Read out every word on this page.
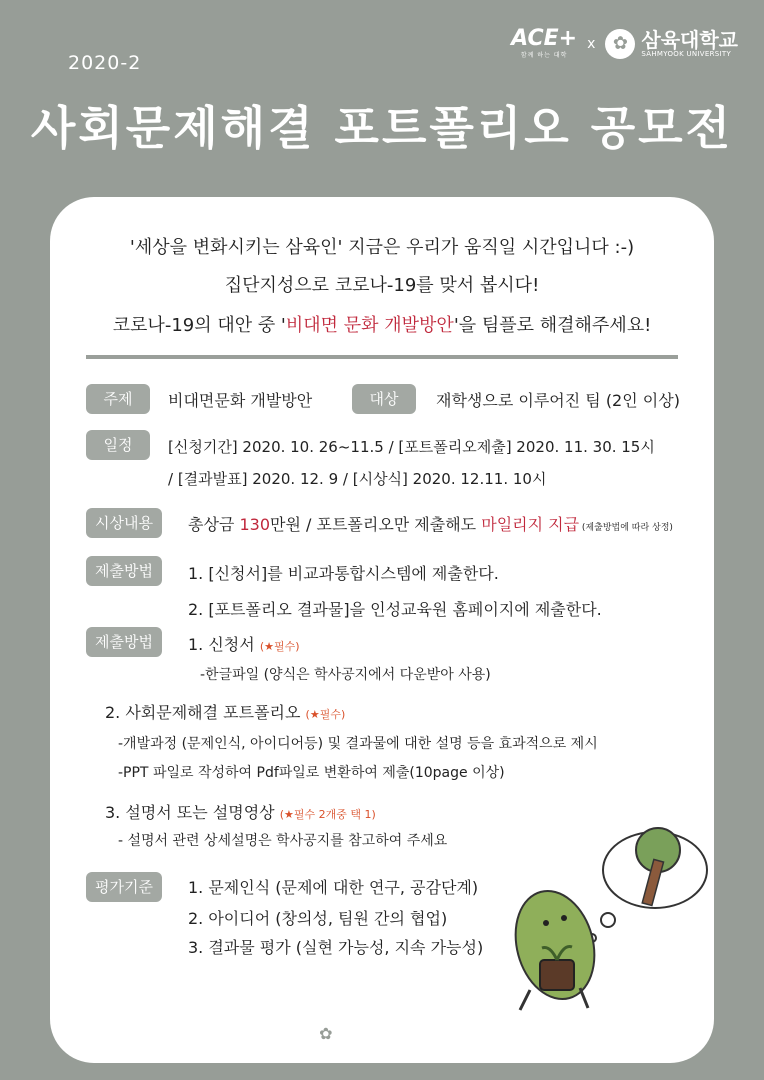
2020-2
ACE+
함께 하는 대학
x ✿ 삼육대학교
SAHMYOOK UNIVERSITY
사회문제해결 포트폴리오 공모전
'세상을 변화시키는 삼육인' 지금은 우리가 움직일 시간입니다 :-)
집단지성으로 코로나-19를 맞서 봅시다!
코로나-19의 대안 중 '비대면 문화 개발방안'을 팀플로 해결해주세요!
주제	비대면문화 개발방안	대상	재학생으로 이루어진 팀 (2인 이상)
일정	[신청기간] 2020. 10. 26~11.5 / [포트폴리오제출] 2020. 11. 30. 15시
/ [결과발표] 2020. 12. 9 / [시상식] 2020. 12.11. 10시
시상내용	총상금 130만원 / 포트폴리오만 제출해도 마일리지 지급 (제출방법에 따라 상정)
제출방법	1. [신청서]를 비교과통합시스템에 제출한다.
2. [포트폴리오 결과물]을 인성교육원 홈페이지에 제출한다.
제출방법	1. 신청서 (★필수)
-한글파일 (양식은 학사공지에서 다운받아 사용)
2. 사회문제해결 포트폴리오 (★필수)
-개발과정 (문제인식, 아이디어등) 및 결과물에 대한 설명 등을 효과적으로 제시
-PPT 파일로 작성하여 Pdf파일로 변환하여 제출(10page 이상)
3. 설명서 또는 설명영상 (★필수 2개중 택 1)
- 설명서 관련 상세설명은 학사공지를 참고하여 주세요
평가기준	1. 문제인식 (문제에 대한 연구, 공감단계)
2. 아이디어 (창의성, 팀원 간의 협업)
3. 결과물 평가 (실현 가능성, 지속 가능성)
✿ 인성교육원
